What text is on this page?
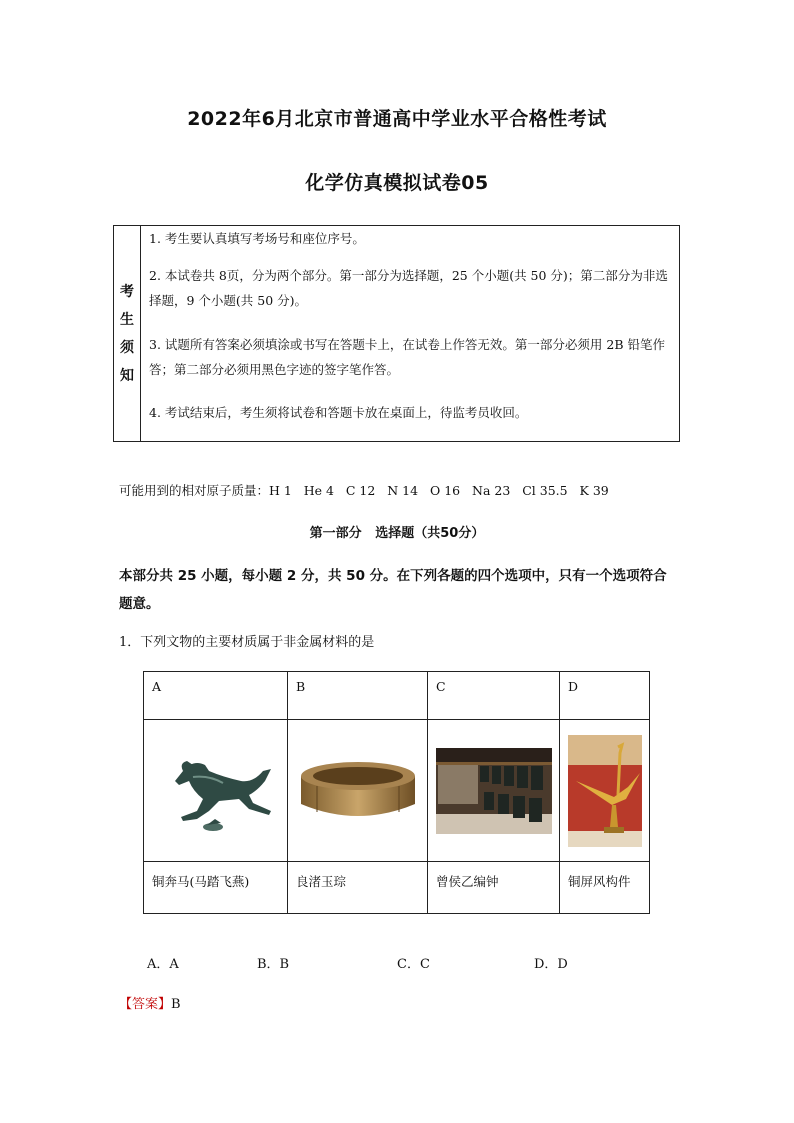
2022年6月北京市普通高中学业水平合格性考试
化学仿真模拟试卷05
考
生
须
知
1. 考生要认真填写考场号和座位序号。
2. 本试卷共 8页，分为两个部分。第一部分为选择题，25 个小题(共 50 分)；第二部分为非选择题，9 个小题(共 50 分)。
3. 试题所有答案必须填涂或书写在答题卡上，在试卷上作答无效。第一部分必须用 2B 铅笔作答；第二部分必须用黑色字迹的签字笔作答。
4. 考试结束后，考生须将试卷和答题卡放在桌面上，待监考员收回。
可能用到的相对原子质量：H 1   He 4   C 12   N 14   O 16   Na 23   Cl 35.5   K 39
第一部分   选择题（共50分）
本部分共 25 小题，每小题 2 分，共 50 分。在下列各题的四个选项中，只有一个选项符合题意。
1．下列文物的主要材质属于非金属材料的是
A	B	C	D

铜奔马(马踏飞燕)	良渚玉琮	曾侯乙编钟	铜屏风构件
A．A	B．B	C．C	D．D
【答案】B
